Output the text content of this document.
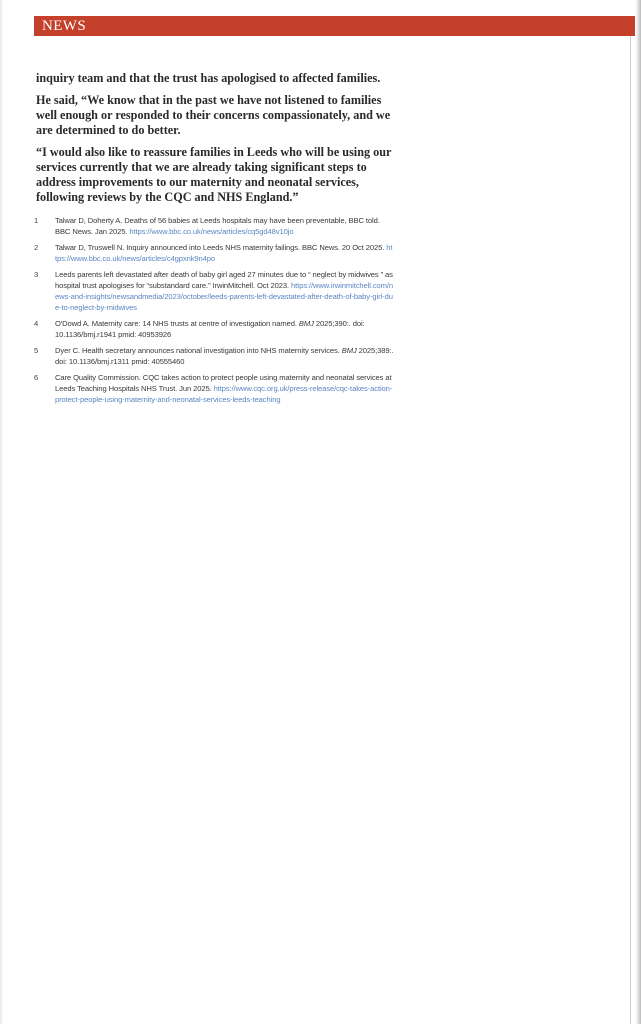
NEWS

inquiry team and that the trust has apologised to affected families.

He said, “We know that in the past we have not listened to families well enough or responded to their concerns compassionately, and we are determined to do better.

“I would also like to reassure families in Leeds who will be using our services currently that we are already taking significant steps to address improvements to our maternity and neonatal services, following reviews by the CQC and NHS England.”

1	Talwar D, Doherty A. Deaths of 56 babies at Leeds hospitals may have been preventable, BBC told. BBC News. Jan 2025. https://www.bbc.co.uk/news/articles/cq5gd48v10jo
2	Talwar D, Truswell N. Inquiry announced into Leeds NHS maternity failings. BBC News. 20 Oct 2025. https://www.bbc.co.uk/news/articles/c4gpxnk9n4po
3	Leeds parents left devastated after death of baby girl aged 27 minutes due to “ neglect by midwives ” as hospital trust apologises for “substandard care.” IrwinMitchell. Oct 2023. https://www.irwinmitchell.com/news-and-insights/newsandmedia/2023/october/leeds-parents-left-devastated-after-death-of-baby-girl-due-to-neglect-by-midwives
4	O'Dowd A. Maternity care: 14 NHS trusts at centre of investigation named. BMJ 2025;390:. doi: 10.1136/bmj.r1941 pmid: 40953926
5	Dyer C. Health secretary announces national investigation into NHS maternity services. BMJ 2025;389:. doi: 10.1136/bmj.r1311 pmid: 40555460
6	Care Quality Commission. CQC takes action to protect people using maternity and neonatal services at Leeds Teaching Hospitals NHS Trust. Jun 2025. https://www.cqc.org.uk/press-release/cqc-takes-action-protect-people-using-maternity-and-neonatal-services-leeds-teaching
